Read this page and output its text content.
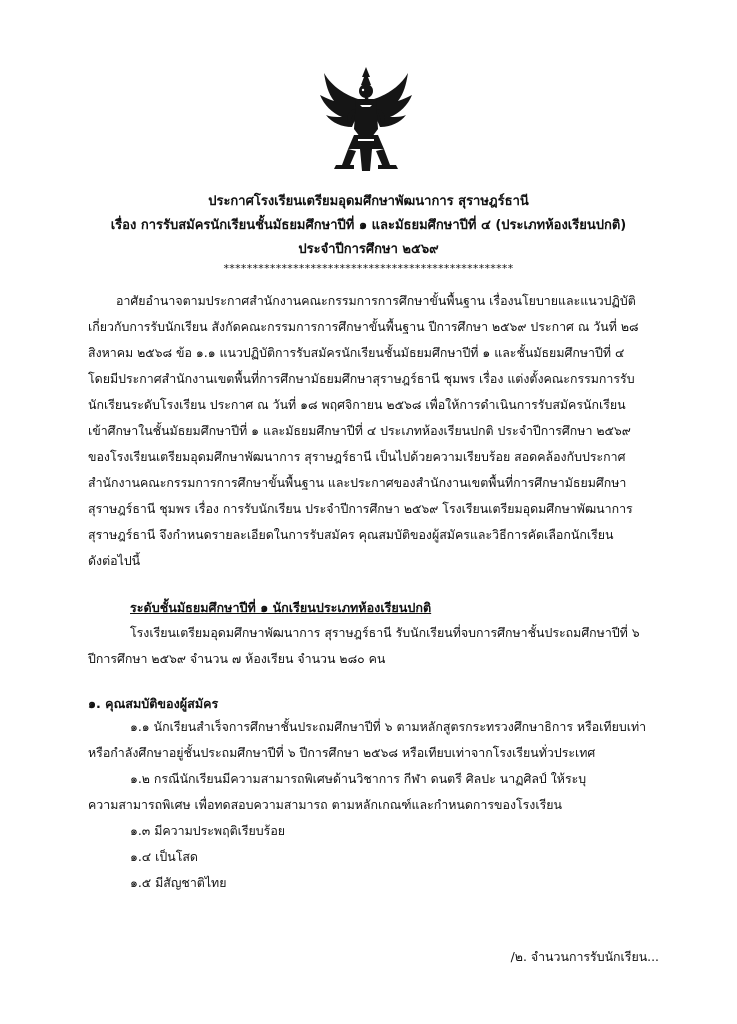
ประกาศโรงเรียนเตรียมอุดมศึกษาพัฒนาการ สุราษฎร์ธานี
เรื่อง การรับสมัครนักเรียนชั้นมัธยมศึกษาปีที่ ๑ และมัธยมศึกษาปีที่ ๔ (ประเภทห้องเรียนปกติ)
ประจำปีการศึกษา ๒๕๖๙
**************************************************
อาศัยอำนาจตามประกาศสำนักงานคณะกรรมการการศึกษาขั้นพื้นฐาน เรื่องนโยบายและแนวปฏิบัติ
เกี่ยวกับการรับนักเรียน สังกัดคณะกรรมการการศึกษาขั้นพื้นฐาน ปีการศึกษา ๒๕๖๙ ประกาศ ณ วันที่ ๒๘
สิงหาคม ๒๕๖๘ ข้อ ๑.๑ แนวปฏิบัติการรับสมัครนักเรียนชั้นมัธยมศึกษาปีที่ ๑ และชั้นมัธยมศึกษาปีที่ ๔
โดยมีประกาศสำนักงานเขตพื้นที่การศึกษามัธยมศึกษาสุราษฎร์ธานี ชุมพร เรื่อง แต่งตั้งคณะกรรมการรับ
นักเรียนระดับโรงเรียน ประกาศ ณ วันที่ ๑๘ พฤศจิกายน ๒๕๖๘ เพื่อให้การดำเนินการรับสมัครนักเรียน
เข้าศึกษาในชั้นมัธยมศึกษาปีที่ ๑ และมัธยมศึกษาปีที่ ๔ ประเภทห้องเรียนปกติ ประจำปีการศึกษา ๒๕๖๙
ของโรงเรียนเตรียมอุดมศึกษาพัฒนาการ สุราษฎร์ธานี เป็นไปด้วยความเรียบร้อย สอดคล้องกับประกาศ
สำนักงานคณะกรรมการการศึกษาขั้นพื้นฐาน และประกาศของสำนักงานเขตพื้นที่การศึกษามัธยมศึกษา
สุราษฎร์ธานี ชุมพร เรื่อง การรับนักเรียน ประจำปีการศึกษา ๒๕๖๙ โรงเรียนเตรียมอุดมศึกษาพัฒนาการ
สุราษฎร์ธานี จึงกำหนดรายละเอียดในการรับสมัคร คุณสมบัติของผู้สมัครและวิธีการคัดเลือกนักเรียน
ดังต่อไปนี้
ระดับชั้นมัธยมศึกษาปีที่ ๑ นักเรียนประเภทห้องเรียนปกติ
โรงเรียนเตรียมอุดมศึกษาพัฒนาการ สุราษฎร์ธานี รับนักเรียนที่จบการศึกษาชั้นประถมศึกษาปีที่ ๖
ปีการศึกษา ๒๕๖๙ จำนวน ๗ ห้องเรียน จำนวน ๒๘๐ คน
๑. คุณสมบัติของผู้สมัคร
๑.๑ นักเรียนสำเร็จการศึกษาชั้นประถมศึกษาปีที่ ๖ ตามหลักสูตรกระทรวงศึกษาธิการ หรือเทียบเท่า
หรือกำลังศึกษาอยู่ชั้นประถมศึกษาปีที่ ๖ ปีการศึกษา ๒๕๖๘ หรือเทียบเท่าจากโรงเรียนทั่วประเทศ
๑.๒ กรณีนักเรียนมีความสามารถพิเศษด้านวิชาการ กีฬา ดนตรี ศิลปะ นาฏศิลป์ ให้ระบุ
ความสามารถพิเศษ เพื่อทดสอบความสามารถ ตามหลักเกณฑ์และกำหนดการของโรงเรียน
๑.๓ มีความประพฤติเรียบร้อย
๑.๔ เป็นโสด
๑.๕ มีสัญชาติไทย
/๒. จำนวนการรับนักเรียน...
